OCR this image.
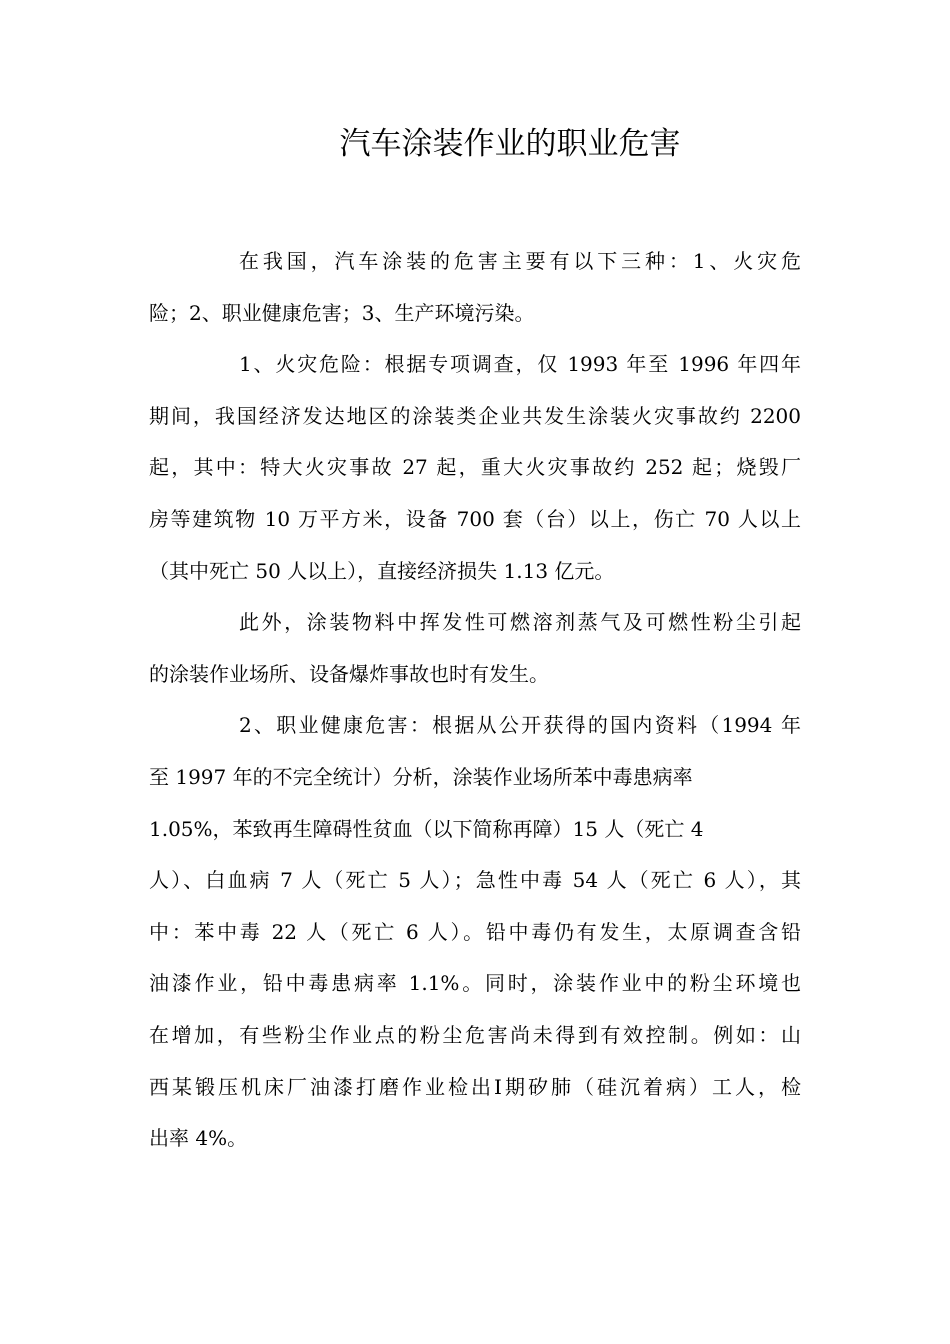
汽车涂装作业的职业危害
在我国，汽车涂装的危害主要有以下三种：1、火灾危
险；2、职业健康危害；3、生产环境污染。
1、火灾危险：根据专项调查，仅 1993 年至 1996 年四年
期间，我国经济发达地区的涂装类企业共发生涂装火灾事故约 2200
起，其中：特大火灾事故 27 起，重大火灾事故约 252 起；烧毁厂
房等建筑物 10 万平方米，设备 700 套（台）以上，伤亡 70 人以上
（其中死亡 50 人以上），直接经济损失 1.13 亿元。
此外，涂装物料中挥发性可燃溶剂蒸气及可燃性粉尘引起
的涂装作业场所、设备爆炸事故也时有发生。
2、职业健康危害：根据从公开获得的国内资料（1994 年
至 1997 年的不完全统计）分析，涂装作业场所苯中毒患病率
1.05%，苯致再生障碍性贫血（以下简称再障）15 人（死亡 4
人）、白血病 7 人（死亡 5 人）；急性中毒 54 人（死亡 6 人），其
中：苯中毒 22 人（死亡 6 人）。铅中毒仍有发生，太原调查含铅
油漆作业，铅中毒患病率 1.1%。同时，涂装作业中的粉尘环境也
在增加，有些粉尘作业点的粉尘危害尚未得到有效控制。例如：山
西某锻压机床厂油漆打磨作业检出Ⅰ期矽肺（硅沉着病）工人，检
出率 4%。
